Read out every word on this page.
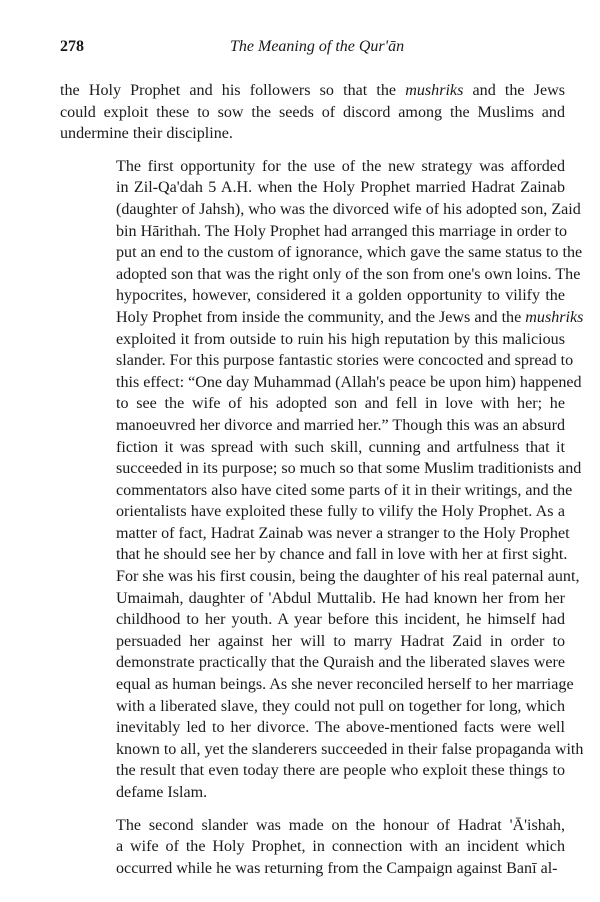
278	The Meaning of the Qur'ān

the Holy Prophet and his followers so that the mushriks and the Jews
could exploit these to sow the seeds of discord among the Muslims and
undermine their discipline.

The first opportunity for the use of the new strategy was afforded
in Zil-Qa'dah 5 A.H. when the Holy Prophet married Hadrat Zainab
(daughter of Jahsh), who was the divorced wife of his adopted son, Zaid
bin Hārithah. The Holy Prophet had arranged this marriage in order to
put an end to the custom of ignorance, which gave the same status to the
adopted son that was the right only of the son from one's own loins. The
hypocrites, however, considered it a golden opportunity to vilify the
Holy Prophet from inside the community, and the Jews and the mushriks
exploited it from outside to ruin his high reputation by this malicious
slander. For this purpose fantastic stories were concocted and spread to
this effect: “One day Muhammad (Allah's peace be upon him) happened
to see the wife of his adopted son and fell in love with her; he
manoeuvred her divorce and married her.” Though this was an absurd
fiction it was spread with such skill, cunning and artfulness that it
succeeded in its purpose; so much so that some Muslim traditionists and
commentators also have cited some parts of it in their writings, and the
orientalists have exploited these fully to vilify the Holy Prophet. As a
matter of fact, Hadrat Zainab was never a stranger to the Holy Prophet
that he should see her by chance and fall in love with her at first sight.
For she was his first cousin, being the daughter of his real paternal aunt,
Umaimah, daughter of 'Abdul Muttalib. He had known her from her
childhood to her youth. A year before this incident, he himself had
persuaded her against her will to marry Hadrat Zaid in order to
demonstrate practically that the Quraish and the liberated slaves were
equal as human beings. As she never reconciled herself to her marriage
with a liberated slave, they could not pull on together for long, which
inevitably led to her divorce. The above-mentioned facts were well
known to all, yet the slanderers succeeded in their false propaganda with
the result that even today there are people who exploit these things to
defame Islam.

The second slander was made on the honour of Hadrat 'Ā'ishah,
a wife of the Holy Prophet, in connection with an incident which
occurred while he was returning from the Campaign against Banī al-
